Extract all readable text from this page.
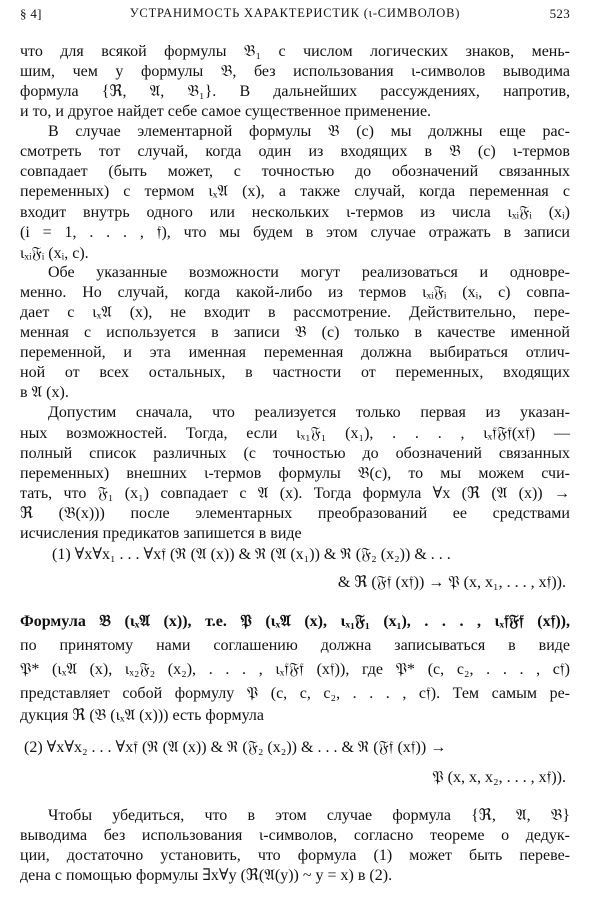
§ 4]	УСТРАНИМОСТЬ ХАРАКТЕРИСТИК (ι-СИМВОЛОВ)	523
что для всякой формулы 𝔅₁ с числом логических знаков, мень-
шим, чем у формулы 𝔅, без использования ι-символов выводима
формула {ℜ, 𝔄, 𝔅₁}. В дальнейших рассуждениях, напротив,
и то, и другое найдет себе самое существенное применение.
В случае элементарной формулы 𝔅 (c) мы должны еще рас-
смотреть тот случай, когда один из входящих в 𝔅 (c) ι-термов
совпадает (быть может, с точностью до обозначений связанных
переменных) с термом ιₓ𝔄 (x), а также случай, когда переменная c
входит внутрь одного или нескольких ι-термов из числа ιₓᵢ𝔉ᵢ (xᵢ)
(i = 1, . . . , 𝔣), что мы будем в этом случае отражать в записи
ιₓᵢ𝔉ᵢ (xᵢ, c).
Обе указанные возможности могут реализоваться и одновре-
менно. Но случай, когда какой-либо из термов ιₓᵢ𝔉ᵢ (xᵢ, c) совпа-
дает с ιₓ𝔄 (x), не входит в рассмотрение. Действительно, пере-
менная c используется в записи 𝔅 (c) только в качестве именной
переменной, и эта именная переменная должна выбираться отлич-
ной от всех остальных, в частности от переменных, входящих
в 𝔄 (x).
Допустим сначала, что реализуется только первая из указан-
ных возможностей. Тогда, если ιₓ₁𝔉₁ (x₁), . . . , ιₓ𝔣𝔉𝔣(x𝔣) —
полный список различных (с точностью до обозначений связанных
переменных) внешних ι-термов формулы 𝔅(c), то мы можем счи-
тать, что 𝔉₁ (x₁) совпадает с 𝔄 (x). Тогда формула ∀x (ℜ (𝔄 (x)) →
ℜ (𝔅(x))) после элементарных преобразований ее средствами
исчисления предикатов запишется в виде
(1) ∀x∀x₁ . . . ∀x𝔣 (ℜ (𝔄 (x)) & ℜ (𝔄 (x₁)) & ℜ (𝔉₂ (x₂)) & . . .
& ℜ (𝔉𝔣 (x𝔣)) → 𝔓 (x, x₁, . . . , x𝔣)).
Формула 𝔅 (ιₓ𝔄 (x)), т.е. 𝔓 (ιₓ𝔄 (x), ιₓ₁𝔉₁ (x₁), . . . , ιₓ𝔣𝔉𝔣 (x𝔣)),
по принятому нами соглашению должна записываться в виде
𝔓* (ιₓ𝔄 (x), ιₓ₂𝔉₂ (x₂), . . . , ιₓ𝔣𝔉𝔣 (x𝔣)), где 𝔓* (c, c₂, . . . , c𝔣)
представляет собой формулу 𝔓 (c, c, c₂, . . . , c𝔣). Тем самым ре-
дукция ℜ (𝔅 (ιₓ𝔄 (x))) есть формула
(2) ∀x∀x₂ . . . ∀x𝔣 (ℜ (𝔄 (x)) & ℜ (𝔉₂ (x₂)) & . . . & ℜ (𝔉𝔣 (x𝔣)) →
𝔓 (x, x, x₂, . . . , x𝔣)).
Чтобы убедиться, что в этом случае формула {ℜ, 𝔄, 𝔅}
выводима без использования ι-символов, согласно теореме о дедук-
ции, достаточно установить, что формула (1) может быть переве-
дена с помощью формулы ∃x∀y (ℜ(𝔄(y)) ~ y = x) в (2).
